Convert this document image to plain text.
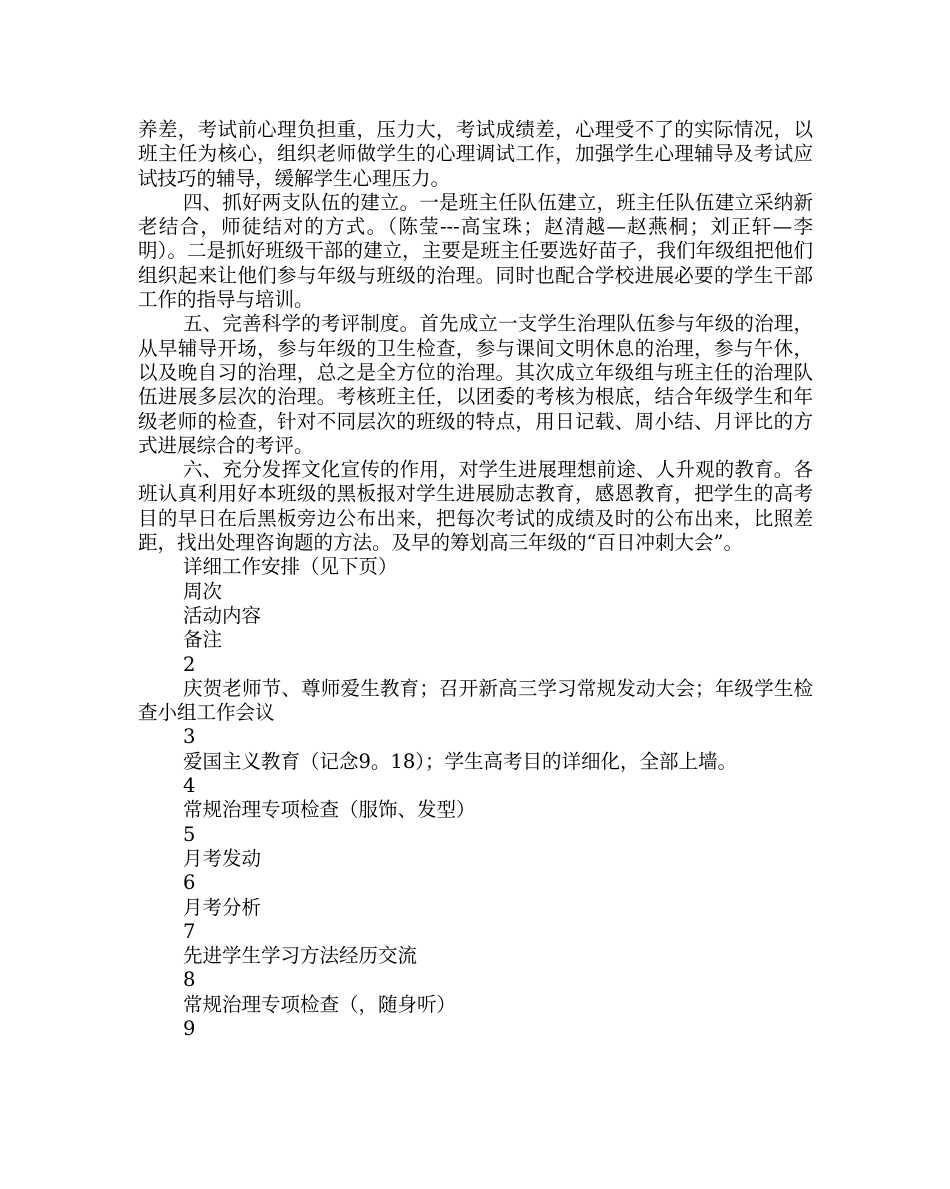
养差，考试前心理负担重，压力大，考试成绩差，心理受不了的实际情况，以班主任为核心，组织老师做学生的心理调试工作，加强学生心理辅导及考试应试技巧的辅导，缓解学生心理压力。

四、抓好两支队伍的建立。一是班主任队伍建立，班主任队伍建立采纳新老结合，师徒结对的方式。（陈莹---高宝珠；赵清越—赵燕桐；刘正轩—李明）。二是抓好班级干部的建立，主要是班主任要选好苗子，我们年级组把他们组织起来让他们参与年级与班级的治理。同时也配合学校进展必要的学生干部工作的指导与培训。

五、完善科学的考评制度。首先成立一支学生治理队伍参与年级的治理，从早辅导开场，参与年级的卫生检查，参与课间文明休息的治理，参与午休，以及晚自习的治理，总之是全方位的治理。其次成立年级组与班主任的治理队伍进展多层次的治理。考核班主任，以团委的考核为根底，结合年级学生和年级老师的检查，针对不同层次的班级的特点，用日记载、周小结、月评比的方式进展综合的考评。

六、充分发挥文化宣传的作用，对学生进展理想前途、人升观的教育。各班认真利用好本班级的黑板报对学生进展励志教育，感恩教育，把学生的高考目的早日在后黑板旁边公布出来，把每次考试的成绩及时的公布出来，比照差距，找出处理咨询题的方法。及早的筹划高三年级的“百日冲刺大会”。

详细工作安排（见下页）

周次

活动内容

备注

2

庆贺老师节、尊师爱生教育；召开新高三学习常规发动大会；年级学生检查小组工作会议

3

爱国主义教育（记念9。18）；学生高考目的详细化，全部上墙。

4

常规治理专项检查（服饰、发型）

5

月考发动

6

月考分析

7

先进学生学习方法经历交流

8

常规治理专项检查（，随身听）

9
